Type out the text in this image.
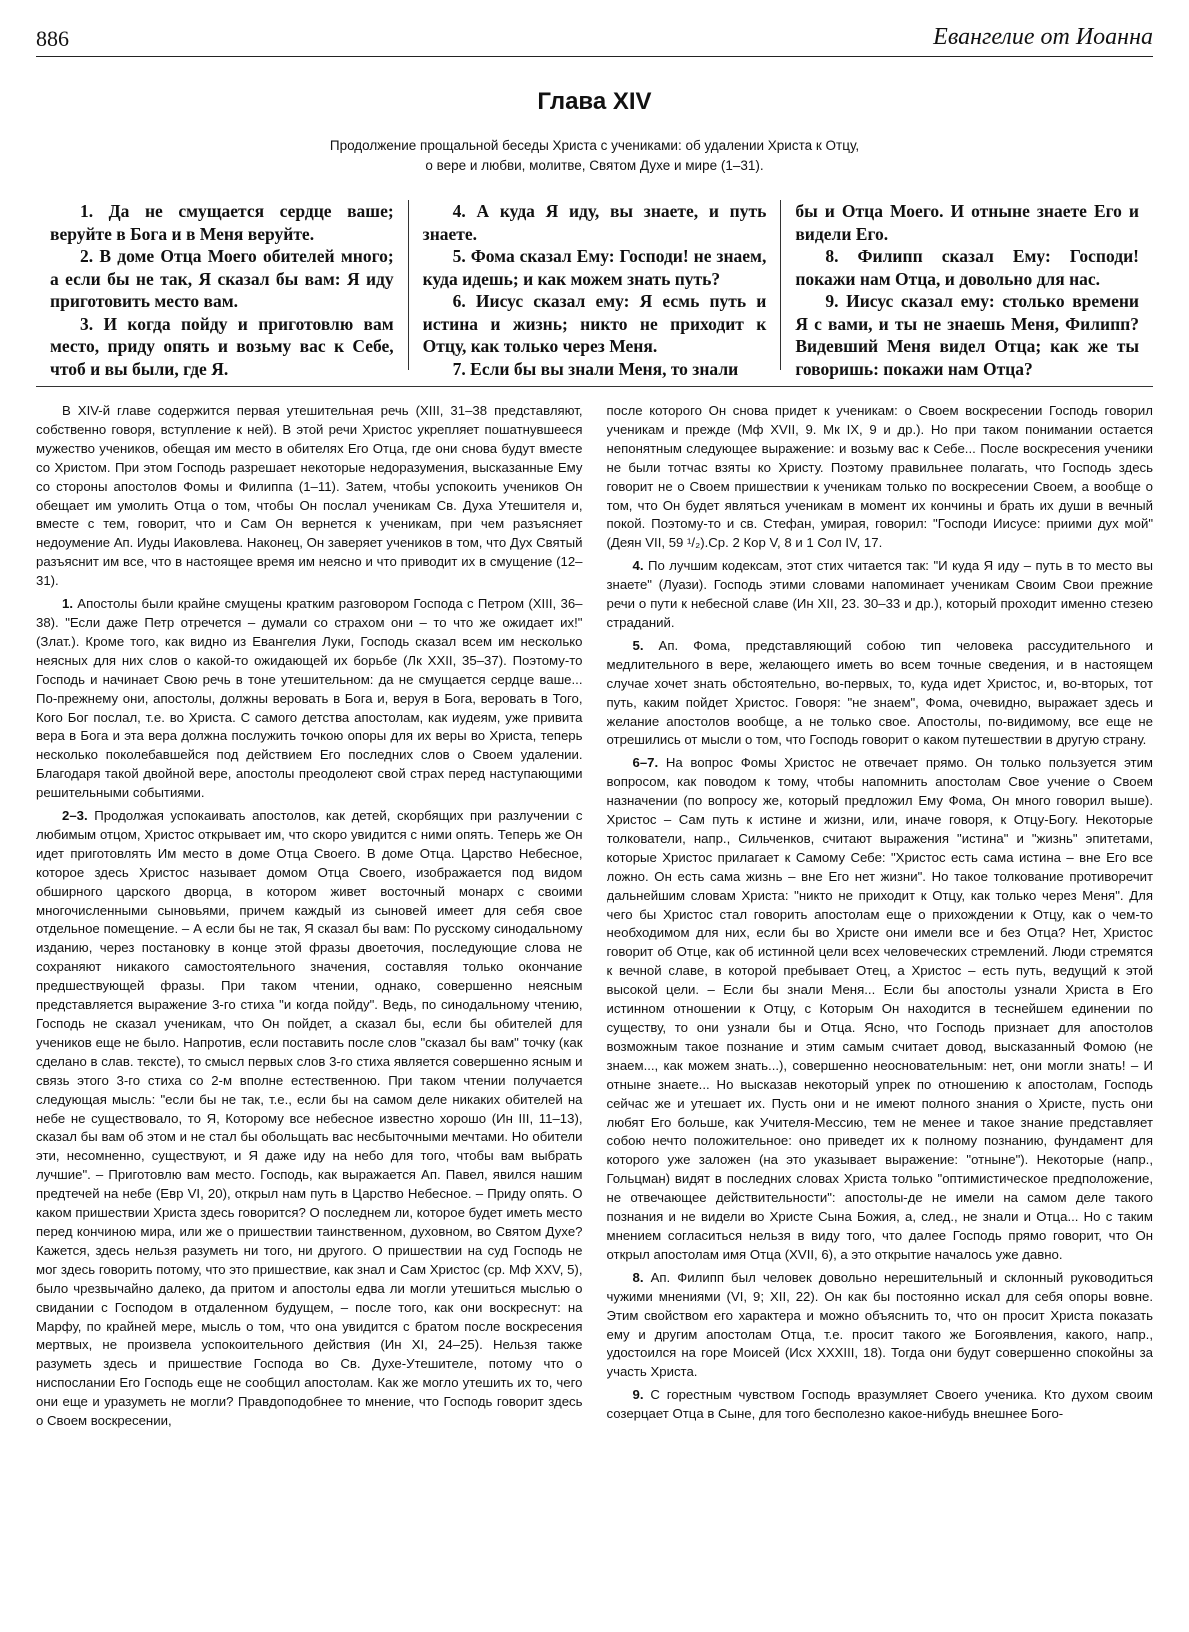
886	Евангелие от Иоанна
Глава XIV
Продолжение прощальной беседы Христа с учениками: об удалении Христа к Отцу,
о вере и любви, молитве, Святом Духе и мире (1–31).

1. Да не смущается сердце ваше; веруйте в Бога и в Меня веруйте.

2. В доме Отца Моего обителей много; а если бы не так, Я сказал бы вам: Я иду приготовить место вам.

3. И когда пойду и приготовлю вам место, приду опять и возьму вас к Себе, чтоб и вы были, где Я.

4. А куда Я иду, вы знаете, и путь знаете.

5. Фома сказал Ему: Господи! не знаем, куда идешь; и как можем знать путь?

6. Иисус сказал ему: Я есмь путь и истина и жизнь; никто не приходит к Отцу, как только через Меня.

7. Если бы вы знали Меня, то знали

бы и Отца Моего. И отныне знаете Его и видели Его.

8. Филипп сказал Ему: Господи! покажи нам Отца, и довольно для нас.

9. Иисус сказал ему: столько времени Я с вами, и ты не знаешь Меня, Филипп? Видевший Меня видел Отца; как же ты говоришь: покажи нам Отца?

В XIV-й главе содержится первая утешительная речь (XIII, 31–38 представляют, собственно говоря, вступление к ней). В этой речи Христос укрепляет пошатнувшееся мужество учеников, обещая им место в обителях Его Отца, где они снова будут вместе со Христом. При этом Господь разрешает некоторые недоразумения, высказанные Ему со стороны апостолов Фомы и Филиппа (1–11). Затем, чтобы успокоить учеников Он обещает им умолить Отца о том, чтобы Он послал ученикам Св. Духа Утешителя и, вместе с тем, говорит, что и Сам Он вернется к ученикам, при чем разъясняет недоумение Ап. Иуды Иаковлева. Наконец, Он заверяет учеников в том, что Дух Святый разъяснит им все, что в настоящее время им неясно и что приводит их в смущение (12–31).

1. Апостолы были крайне смущены кратким разговором Господа с Петром (XIII, 36–38). "Если даже Петр отречется – думали со страхом они – то что же ожидает их!" (Злат.). Кроме того, как видно из Евангелия Луки, Господь сказал всем им несколько неясных для них слов о какой-то ожидающей их борьбе (Лк XXII, 35–37). Поэтому-то Господь и начинает Свою речь в тоне утешительном: да не смущается сердце ваше... По-прежнему они, апостолы, должны веровать в Бога и, веруя в Бога, веровать в Того, Кого Бог послал, т.е. во Христа. С самого детства апостолам, как иудеям, уже привита вера в Бога и эта вера должна послужить точкою опоры для их веры во Христа, теперь несколько поколебавшейся под действием Его последних слов о Своем удалении. Благодаря такой двойной вере, апостолы преодолеют свой страх перед наступающими решительными событиями.

2–3. Продолжая успокаивать апостолов, как детей, скорбящих при разлучении с любимым отцом, Христос открывает им, что скоро увидится с ними опять. Теперь же Он идет приготовлять Им место в доме Отца Своего. В доме Отца. Царство Небесное, которое здесь Христос называет домом Отца Своего, изображается под видом обширного царского дворца, в котором живет восточный монарх с своими многочисленными сыновьями, причем каждый из сыновей имеет для себя свое отдельное помещение. – А если бы не так, Я сказал бы вам: По русскому синодальному изданию, через постановку в конце этой фразы двоеточия, последующие слова не сохраняют никакого самостоятельного значения, составляя только окончание предшествующей фразы. При таком чтении, однако, совершенно неясным представляется выражение 3-го стиха "и когда пойду". Ведь, по синодальному чтению, Господь не сказал ученикам, что Он пойдет, а сказал бы, если бы обителей для учеников еще не было. Напротив, если поставить после слов "сказал бы вам" точку (как сделано в слав. тексте), то смысл первых слов 3-го стиха является совершенно ясным и связь этого 3-го стиха со 2-м вполне естественною. При таком чтении получается следующая мысль: "если бы не так, т.е., если бы на самом деле никаких обителей на небе не существовало, то Я, Которому все небесное известно хорошо (Ин III, 11–13), сказал бы вам об этом и не стал бы обольщать вас несбыточными мечтами. Но обители эти, несомненно, существуют, и Я даже иду на небо для того, чтобы вам выбрать лучшие". – Приготовлю вам место. Господь, как выражается Ап. Павел, явился нашим предтечей на небе (Евр VI, 20), открыл нам путь в Царство Небесное. – Приду опять. О каком пришествии Христа здесь говорится? О последнем ли, которое будет иметь место перед кончиною мира, или же о пришествии таинственном, духовном, во Святом Духе? Кажется, здесь нельзя разуметь ни того, ни другого. О пришествии на суд Господь не мог здесь говорить потому, что это пришествие, как знал и Сам Христос (ср. Мф XXV, 5), было чрезвычайно далеко, да притом и апостолы едва ли могли утешиться мыслью о свидании с Господом в отдаленном будущем, – после того, как они воскреснут: на Марфу, по крайней мере, мысль о том, что она увидится с братом после воскресения мертвых, не произвела успокоительного действия (Ин XI, 24–25). Нельзя также разуметь здесь и пришествие Господа во Св. Духе-Утешителе, потому что о ниспослании Его Господь еще не сообщил апостолам. Как же могло утешить их то, чего они еще и уразуметь не могли? Правдоподобнее то мнение, что Господь говорит здесь о Своем воскресении,

после которого Он снова придет к ученикам: о Своем воскресении Господь говорил ученикам и прежде (Мф XVII, 9. Мк IX, 9 и др.). Но при таком понимании остается непонятным следующее выражение: и возьму вас к Себе... После воскресения ученики не были тотчас взяты ко Христу. Поэтому правильнее полагать, что Господь здесь говорит не о Своем пришествии к ученикам только по воскресении Своем, а вообще о том, что Он будет являться ученикам в момент их кончины и брать их души в вечный покой. Поэтому-то и св. Стефан, умирая, говорил: "Господи Иисусе: приими дух мой" (Деян VII, 59 ¹/₂).Ср. 2 Кор V, 8 и 1 Сол IV, 17.

4. По лучшим кодексам, этот стих читается так: "И куда Я иду – путь в то место вы знаете" (Луази). Господь этими словами напоминает ученикам Своим Свои прежние речи о пути к небесной славе (Ин XII, 23. 30–33 и др.), который проходит именно стезею страданий.

5. Ап. Фома, представляющий собою тип человека рассудительного и медлительного в вере, желающего иметь во всем точные сведения, и в настоящем случае хочет знать обстоятельно, во-первых, то, куда идет Христос, и, во-вторых, тот путь, каким пойдет Христос. Говоря: "не знаем", Фома, очевидно, выражает здесь и желание апостолов вообще, а не только свое. Апостолы, по-видимому, все еще не отрешились от мысли о том, что Господь говорит о каком путешествии в другую страну.

6–7. На вопрос Фомы Христос не отвечает прямо. Он только пользуется этим вопросом, как поводом к тому, чтобы напомнить апостолам Свое учение о Своем назначении (по вопросу же, который предложил Ему Фома, Он много говорил выше). Христос – Сам путь к истине и жизни, или, иначе говоря, к Отцу-Богу. Некоторые толкователи, напр., Сильченков, считают выражения "истина" и "жизнь" эпитетами, которые Христос прилагает к Самому Себе: "Христос есть сама истина – вне Его все ложно. Он есть сама жизнь – вне Его нет жизни". Но такое толкование противоречит дальнейшим словам Христа: "никто не приходит к Отцу, как только через Меня". Для чего бы Христос стал говорить апостолам еще о прихождении к Отцу, как о чем-то необходимом для них, если бы во Христе они имели все и без Отца? Нет, Христос говорит об Отце, как об истинной цели всех человеческих стремлений. Люди стремятся к вечной славе, в которой пребывает Отец, а Христос – есть путь, ведущий к этой высокой цели. – Если бы знали Меня... Если бы апостолы узнали Христа в Его истинном отношении к Отцу, с Которым Он находится в теснейшем единении по существу, то они узнали бы и Отца. Ясно, что Господь признает для апостолов возможным такое познание и этим самым считает довод, высказанный Фомою (не знаем..., как можем знать...), совершенно неосновательным: нет, они могли знать! – И отныне знаете... Но высказав некоторый упрек по отношению к апостолам, Господь сейчас же и утешает их. Пусть они и не имеют полного знания о Христе, пусть они любят Его больше, как Учителя-Мессию, тем не менее и такое знание представляет собою нечто положительное: оно приведет их к полному познанию, фундамент для которого уже заложен (на это указывает выражение: "отныне"). Некоторые (напр., Гольцман) видят в последних словах Христа только "оптимистическое предположение, не отвечающее действительности": апостолы-де не имели на самом деле такого познания и не видели во Христе Сына Божия, а, след., не знали и Отца... Но с таким мнением согласиться нельзя в виду того, что далее Господь прямо говорит, что Он открыл апостолам имя Отца (XVII, 6), а это открытие началось уже давно.

8. Ап. Филипп был человек довольно нерешительный и склонный руководиться чужими мнениями (VI, 9; XII, 22). Он как бы постоянно искал для себя опоры вовне. Этим свойством его характера и можно объяснить то, что он просит Христа показать ему и другим апостолам Отца, т.е. просит такого же Богоявления, какого, напр., удостоился на горе Моисей (Исх XXXIII, 18). Тогда они будут совершенно спокойны за участь Христа.

9. С горестным чувством Господь вразумляет Своего ученика. Кто духом своим созерцает Отца в Сыне, для того бесполезно какое-нибудь внешнее Бого-
